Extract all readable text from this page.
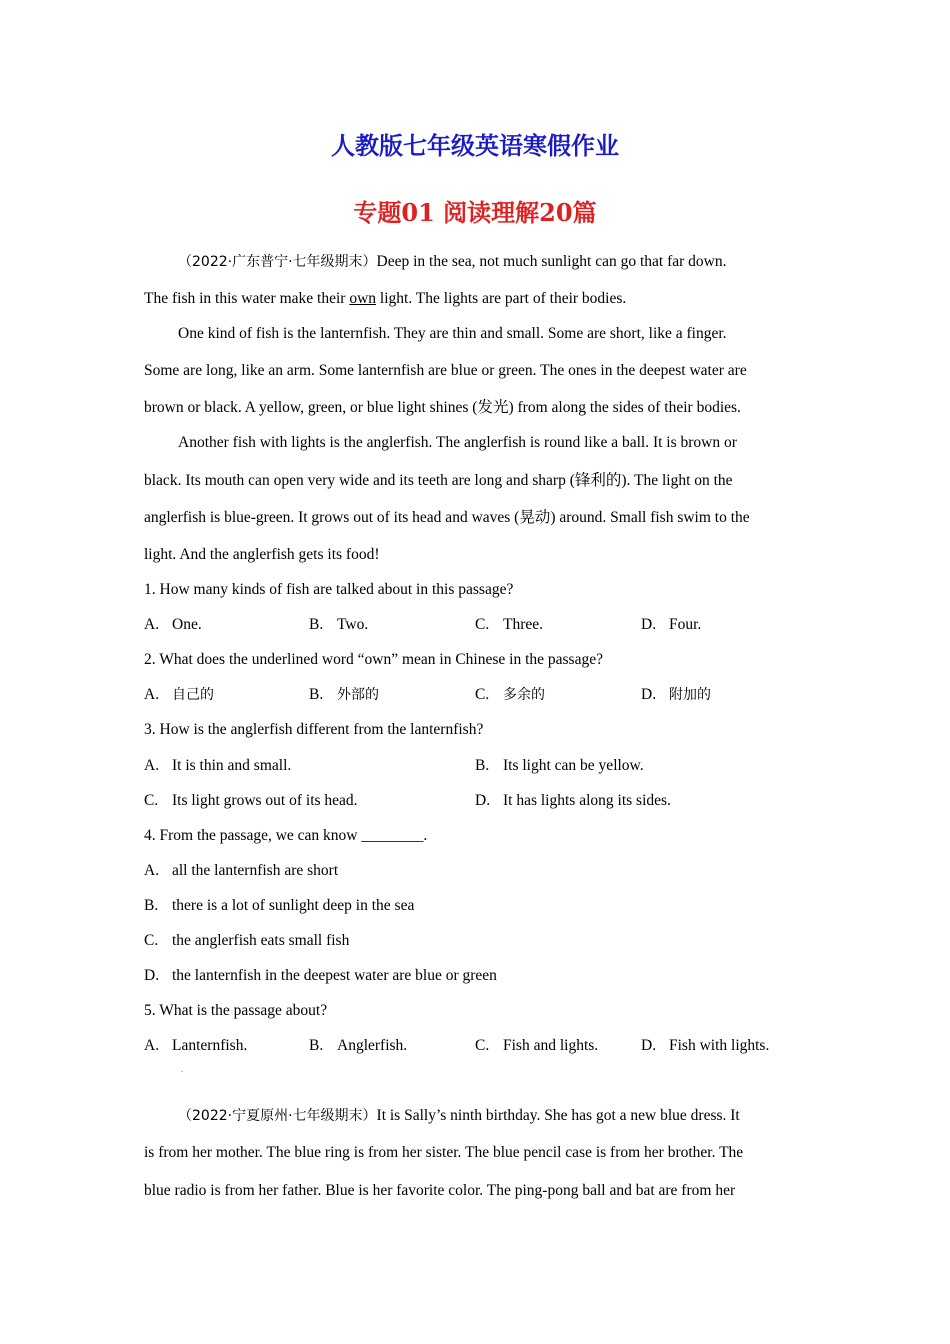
人教版七年级英语寒假作业
专题01 阅读理解20篇
（2022·广东普宁·七年级期末）Deep in the sea, not much sunlight can go that far down.
The fish in this water make their own light. The lights are part of their bodies.
One kind of fish is the lanternfish. They are thin and small. Some are short, like a finger.
Some are long, like an arm. Some lanternfish are blue or green. The ones in the deepest water are
brown or black. A yellow, green, or blue light shines (发光) from along the sides of their bodies.
Another fish with lights is the anglerfish. The anglerfish is round like a ball. It is brown or
black. Its mouth can open very wide and its teeth are long and sharp (锋利的). The light on the
anglerfish is blue-green. It grows out of its head and waves (晃动) around. Small fish swim to the
light. And the anglerfish gets its food!
1. How many kinds of fish are talked about in this passage?
A. One.	B. Two.	C. Three.	D. Four.
2. What does the underlined word “own” mean in Chinese in the passage?
A. 自己的	B. 外部的	C. 多余的	D. 附加的
3. How is the anglerfish different from the lanternfish?
A. It is thin and small.	B. Its light can be yellow.
C. Its light grows out of its head.	D. It has lights along its sides.
4. From the passage, we can know ________.
A. all the lanternfish are short
B. there is a lot of sunlight deep in the sea
C. the anglerfish eats small fish
D. the lanternfish in the deepest water are blue or green
5. What is the passage about?
A. Lanternfish.	B. Anglerfish.	C. Fish and lights.	D. Fish with lights.
.
（2022·宁夏原州·七年级期末）It is Sally’s ninth birthday. She has got a new blue dress. It
is from her mother. The blue ring is from her sister. The blue pencil case is from her brother. The
blue radio is from her father. Blue is her favorite color. The ping-pong ball and bat are from her
